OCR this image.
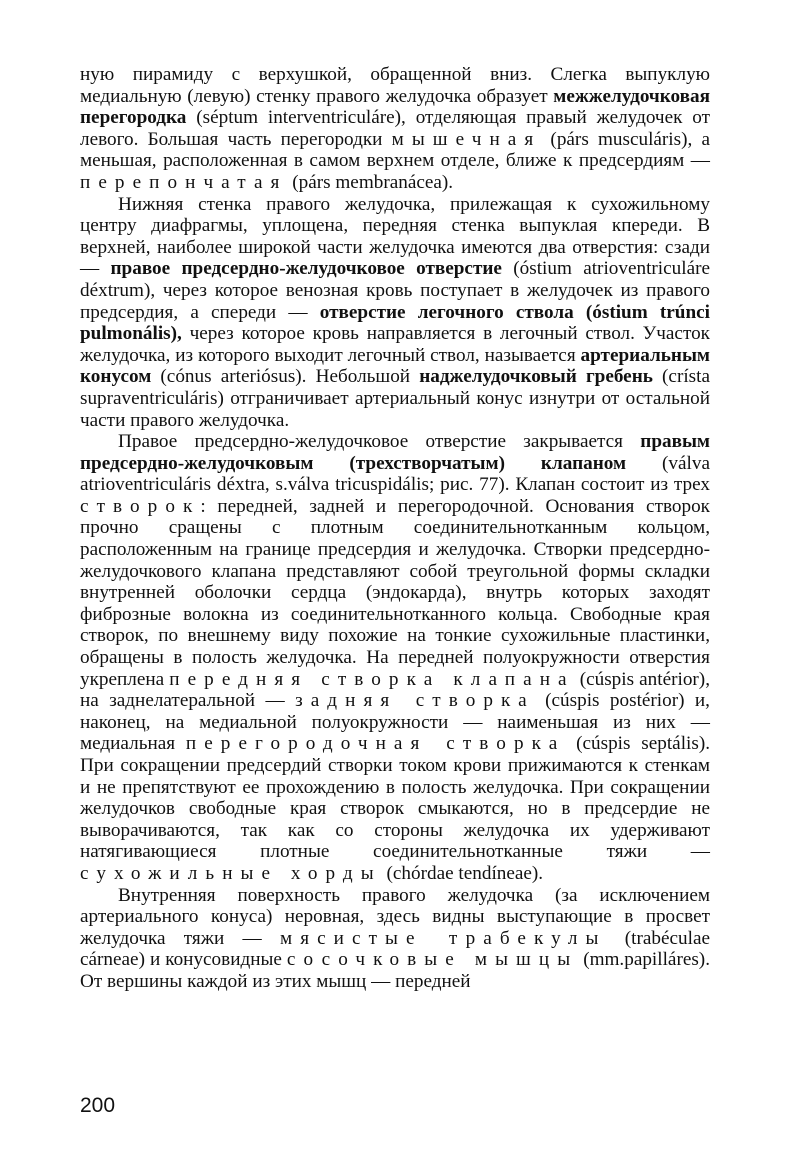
ную пирамиду с верхушкой, обращенной вниз. Слегка выпуклую медиальную (левую) стенку правого желудочка образует межжелудочковая перегородка (séptum interventriculáre), отделяющая правый желудочек от левого. Большая часть перегородки мышечная (párs musculáris), а меньшая, расположенная в самом верхнем отделе, ближе к предсердиям — перепончатая (párs membranácea).

Нижняя стенка правого желудочка, прилежащая к сухожильному центру диафрагмы, уплощена, передняя стенка выпуклая кпереди. В верхней, наиболее широкой части желудочка имеются два отверстия: сзади — правое предсердно-желудочковое отверстие (óstium atrioventriculáre déxtrum), через которое венозная кровь поступает в желудочек из правого предсердия, а спереди — отверстие легочного ствола (óstium trúnci pulmonális), через которое кровь направляется в легочный ствол. Участок желудочка, из которого выходит легочный ствол, называется артериальным конусом (cónus arteriósus). Небольшой наджелудочковый гребень (crísta supraventriculáris) отграничивает артериальный конус изнутри от остальной части правого желудочка.

Правое предсердно-желудочковое отверстие закрывается правым предсердно-желудочковым (трехстворчатым) клапаном (válva atrioventriculáris déxtra, s.válva tricuspidális; рис. 77). Клапан состоит из трех створок: передней, задней и перегородочной. Основания створок прочно сращены с плотным соединительнотканным кольцом, расположенным на границе предсердия и желудочка. Створки предсердно-желудочкового клапана представляют собой треугольной формы складки внутренней оболочки сердца (эндокарда), внутрь которых заходят фиброзные волокна из соединительнотканного кольца. Свободные края створок, по внешнему виду похожие на тонкие сухожильные пластинки, обращены в полость желудочка. На передней полуокружности отверстия укреплена передняя створка клапана (cúspis antérior), на заднелатеральной — задняя створка (cúspis postérior) и, наконец, на медиальной полуокружности — наименьшая из них — медиальная перегородочная створка (cúspis septális). При сокращении предсердий створки током крови прижимаются к стенкам и не препятствуют ее прохождению в полость желудочка. При сокращении желудочков свободные края створок смыкаются, но в предсердие не выворачиваются, так как со стороны желудочка их удерживают натягивающиеся плотные соединительнотканные тяжи — сухожильные хорды (chórdae tendíneae).

Внутренняя поверхность правого желудочка (за исключением артериального конуса) неровная, здесь видны выступающие в просвет желудочка тяжи — мясистые трабекулы (trabéculae cárneae) и конусовидные сосочковые мышцы (mm.papilláres). От вершины каждой из этих мышц — передней

200
